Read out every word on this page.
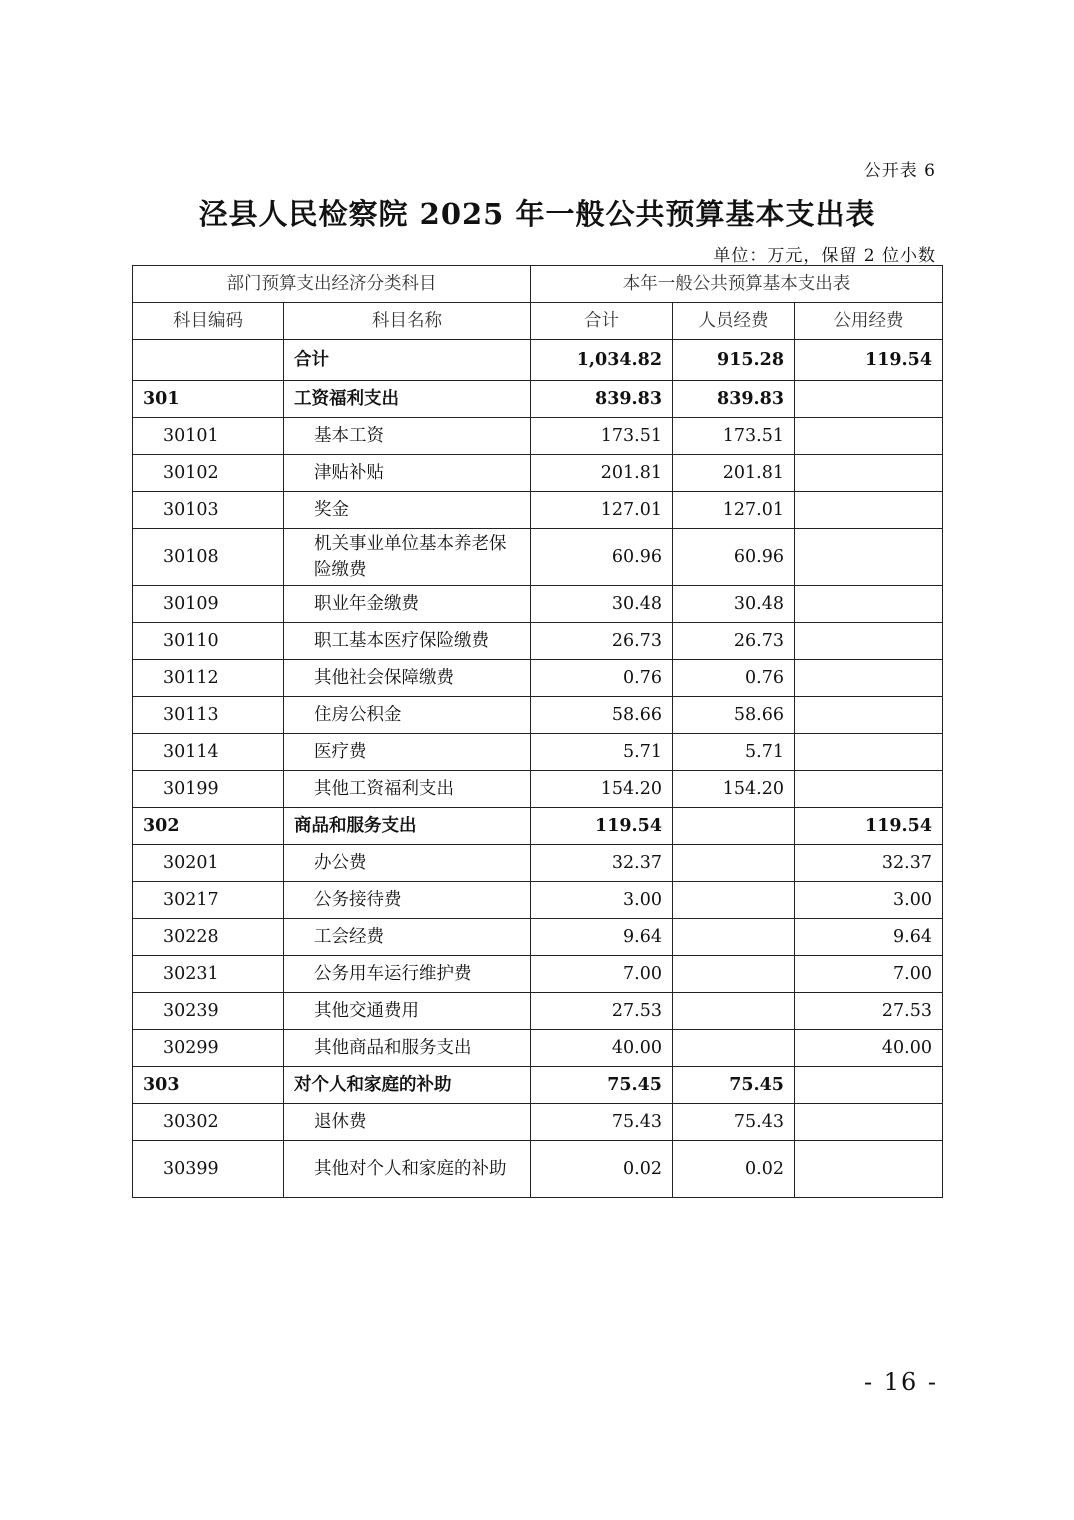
公开表 6
泾县人民检察院 2025 年一般公共预算基本支出表
单位：万元，保留 2 位小数
部门预算支出经济分类科目		本年一般公共预算基本支出表		
科目编码	科目名称	合计	人员经费	公用经费
	合计	1,034.82	915.28	119.54
301	工资福利支出	839.83	839.83	
30101	基本工资	173.51	173.51	
30102	津贴补贴	201.81	201.81	
30103	奖金	127.01	127.01	
30108	机关事业单位基本养老保险缴费	60.96	60.96	
30109	职业年金缴费	30.48	30.48	
30110	职工基本医疗保险缴费	26.73	26.73	
30112	其他社会保障缴费	0.76	0.76	
30113	住房公积金	58.66	58.66	
30114	医疗费	5.71	5.71	
30199	其他工资福利支出	154.20	154.20	
302	商品和服务支出	119.54		119.54
30201	办公费	32.37		32.37
30217	公务接待费	3.00		3.00
30228	工会经费	9.64		9.64
30231	公务用车运行维护费	7.00		7.00
30239	其他交通费用	27.53		27.53
30299	其他商品和服务支出	40.00		40.00
303	对个人和家庭的补助	75.45	75.45	
30302	退休费	75.43	75.43	
30399	其他对个人和家庭的补助	0.02	0.02	
- 16 -
